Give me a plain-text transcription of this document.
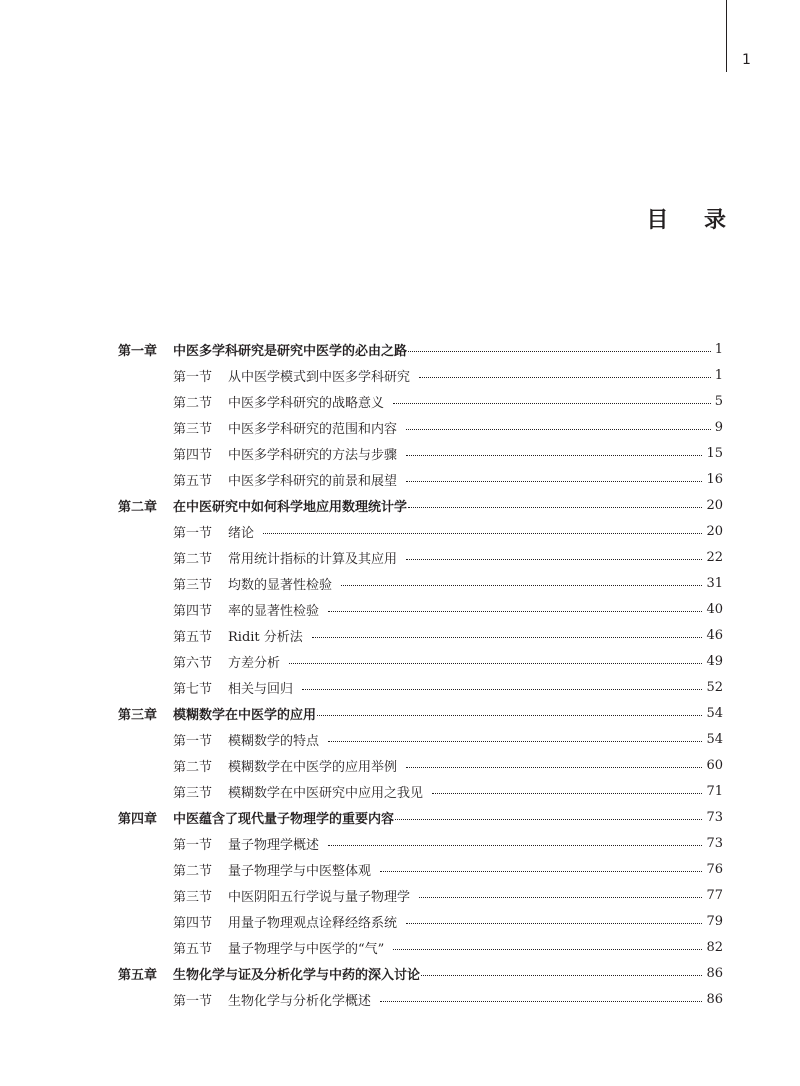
1
目 录
第一章	中医多学科研究是研究中医学的必由之路	1
第一节	从中医学模式到中医多学科研究	1
第二节	中医多学科研究的战略意义	5
第三节	中医多学科研究的范围和内容	9
第四节	中医多学科研究的方法与步骤	15
第五节	中医多学科研究的前景和展望	16
第二章	在中医研究中如何科学地应用数理统计学	20
第一节	绪论	20
第二节	常用统计指标的计算及其应用	22
第三节	均数的显著性检验	31
第四节	率的显著性检验	40
第五节	Ridit 分析法	46
第六节	方差分析	49
第七节	相关与回归	52
第三章	模糊数学在中医学的应用	54
第一节	模糊数学的特点	54
第二节	模糊数学在中医学的应用举例	60
第三节	模糊数学在中医研究中应用之我见	71
第四章	中医蕴含了现代量子物理学的重要内容	73
第一节	量子物理学概述	73
第二节	量子物理学与中医整体观	76
第三节	中医阴阳五行学说与量子物理学	77
第四节	用量子物理观点诠释经络系统	79
第五节	量子物理学与中医学的“气”	82
第五章	生物化学与证及分析化学与中药的深入讨论	86
第一节	生物化学与分析化学概述	86
